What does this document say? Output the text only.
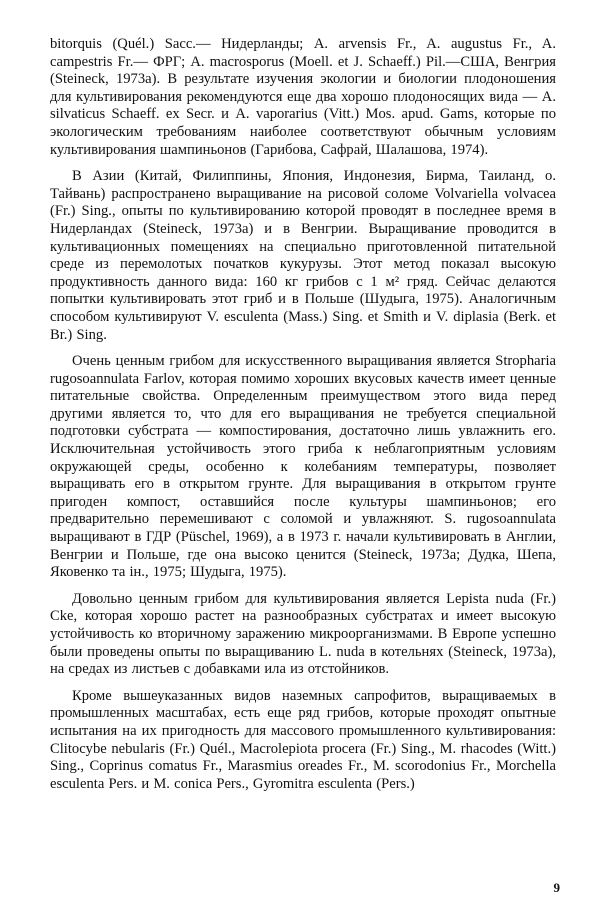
bitorquis (Quél.) Sacc.— Нидерланды; A. arvensis Fr., A. augustus Fr., A. campestris Fr.— ФРГ; A. macrosporus (Moell. et J. Schaeff.) Pil.—США, Венгрия (Steineck, 1973a). В результате изучения экологии и биологии плодоношения для культивирования рекомендуются еще два хорошо плодоносящих вида — A. silvaticus Schaeff. ex Secr. и A. vaporarius (Vitt.) Mos. apud. Gams, которые по экологическим требованиям наиболее соответствуют обычным условиям культивирования шампиньонов (Гарибова, Сафрай, Шалашова, 1974).

В Азии (Китай, Филиппины, Япония, Индонезия, Бирма, Таиланд, о. Тайвань) распространено выращивание на рисовой соломе Volvariella volvacea (Fr.) Sing., опыты по культивированию которой проводят в последнее время в Нидерландах (Steineck, 1973a) и в Венгрии. Выращивание проводится в культивационных помещениях на специально приготовленной питательной среде из перемолотых початков кукурузы. Этот метод показал высокую продуктивность данного вида: 160 кг грибов с 1 м² гряд. Сейчас делаются попытки культивировать этот гриб и в Польше (Шудыга, 1975). Аналогичным способом культивируют V. esculenta (Mass.) Sing. et Smith и V. diplasia (Berk. et Br.) Sing.

Очень ценным грибом для искусственного выращивания является Stropharia rugosoannulata Farlov, которая помимо хороших вкусовых качеств имеет ценные питательные свойства. Определенным преимуществом этого вида перед другими является то, что для его выращивания не требуется специальной подготовки субстрата — компостирования, достаточно лишь увлажнить его. Исключительная устойчивость этого гриба к неблагоприятным условиям окружающей среды, особенно к колебаниям температуры, позволяет выращивать его в открытом грунте. Для выращивания в открытом грунте пригоден компост, оставшийся после культуры шампиньонов; его предварительно перемешивают с соломой и увлажняют. S. rugosoannulata выращивают в ГДР (Püschel, 1969), а в 1973 г. начали культивировать в Англии, Венгрии и Польше, где она высоко ценится (Steineck, 1973a; Дудка, Шепа, Яковенко та ін., 1975; Шудыга, 1975).

Довольно ценным грибом для культивирования является Lepista nuda (Fr.) Cke, которая хорошо растет на разнообразных субстратах и имеет высокую устойчивость ко вторичному заражению микроорганизмами. В Европе успешно были проведены опыты по выращиванию L. nuda в котельнях (Steineck, 1973a), на средах из листьев с добавками ила из отстойников.

Кроме вышеуказанных видов наземных сапрофитов, выращиваемых в промышленных масштабах, есть еще ряд грибов, которые проходят опытные испытания на их пригодность для массового промышленного культивирования: Clitocybe nebularis (Fr.) Quél., Macrolepiota procera (Fr.) Sing., M. rhacodes (Witt.) Sing., Coprinus comatus Fr., Marasmius oreades Fr., M. scorodonius Fr., Morchella esculenta Pers. и M. conica Pers., Gyromitra esculenta (Pers.)

9
